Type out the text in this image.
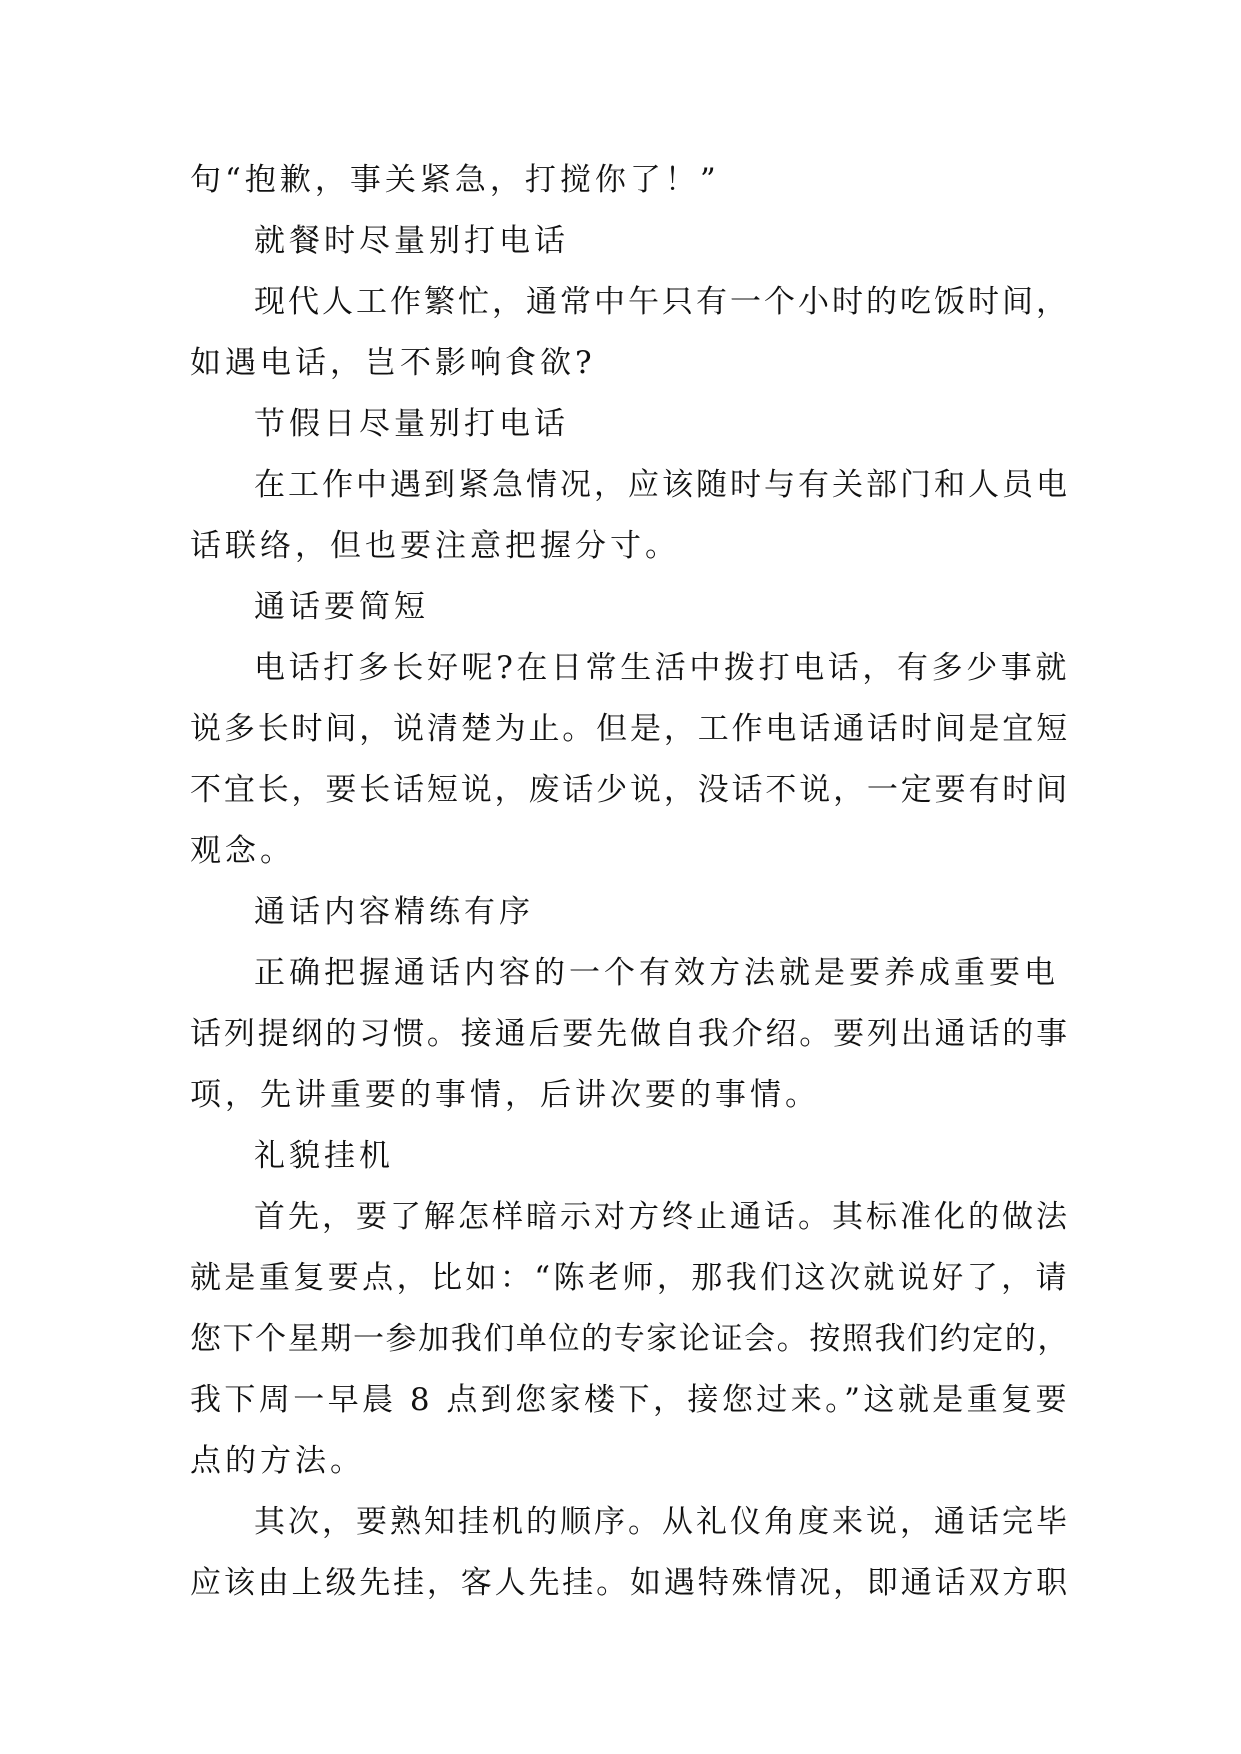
句“抱歉，事关紧急，打搅你了！”
就餐时尽量别打电话
现代人工作繁忙，通常中午只有一个小时的吃饭时间，
如遇电话，岂不影响食欲?
节假日尽量别打电话
在工作中遇到紧急情况，应该随时与有关部门和人员电
话联络，但也要注意把握分寸。
通话要简短
电话打多长好呢?在日常生活中拨打电话，有多少事就
说多长时间，说清楚为止。但是，工作电话通话时间是宜短
不宜长，要长话短说，废话少说，没话不说，一定要有时间
观念。
通话内容精练有序
正确把握通话内容的一个有效方法就是要养成重要电
话列提纲的习惯。接通后要先做自我介绍。要列出通话的事
项，先讲重要的事情，后讲次要的事情。
礼貌挂机
首先，要了解怎样暗示对方终止通话。其标准化的做法
就是重复要点，比如：“陈老师，那我们这次就说好了，请
您下个星期一参加我们单位的专家论证会。按照我们约定的，
我下周一早晨 8 点到您家楼下，接您过来。”这就是重复要
点的方法。
其次，要熟知挂机的顺序。从礼仪角度来说，通话完毕
应该由上级先挂，客人先挂。如遇特殊情况，即通话双方职
